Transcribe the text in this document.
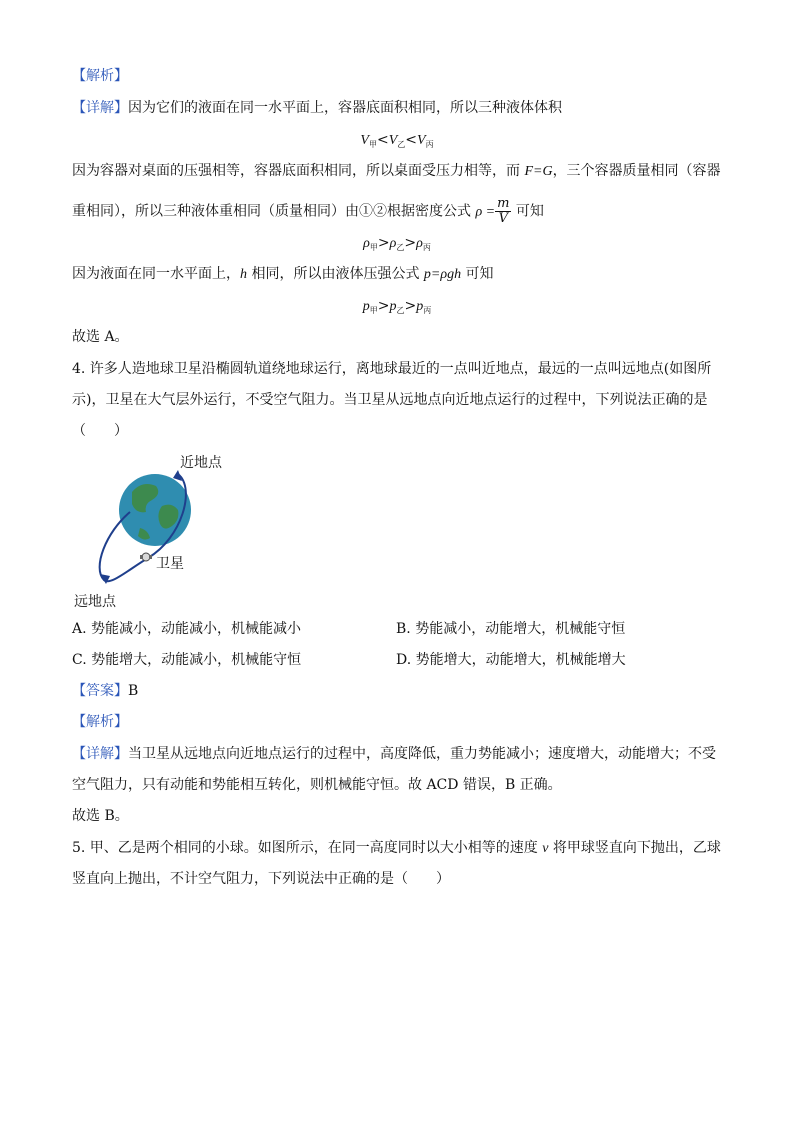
【解析】
【详解】因为它们的液面在同一水平面上，容器底面积相同，所以三种液体体积
$V_甲<V_乙<V_丙$
因为容器对桌面的压强相等，容器底面积相同，所以桌面受压力相等，而 F=G，三个容器质量相同（容器
重相同），所以三种液体重相同（质量相同）由①②根据密度公式 $\rho = \frac{m}{V}$ 可知
$\rho_甲>\rho_乙>\rho_丙$
因为液面在同一水平面上，h 相同，所以由液体压强公式 p=ρgh 可知
$p_甲>p_乙>p_丙$
故选 A。
4. 许多人造地球卫星沿椭圆轨道绕地球运行，离地球最近的一点叫近地点，最远的一点叫远地点(如图所
示)，卫星在大气层外运行，不受空气阻力。当卫星从远地点向近地点运行的过程中，下列说法正确的是
（　　）
近地点
卫星
远地点
A. 势能减小，动能减小，机械能减小	B. 势能减小，动能增大，机械能守恒
C. 势能增大，动能减小，机械能守恒	D. 势能增大，动能增大，机械能增大
【答案】B
【解析】
【详解】当卫星从远地点向近地点运行的过程中，高度降低，重力势能减小；速度增大，动能增大；不受
空气阻力，只有动能和势能相互转化，则机械能守恒。故 ACD 错误，B 正确。
故选 B。
5. 甲、乙是两个相同的小球。如图所示，在同一高度同时以大小相等的速度 v 将甲球竖直向下抛出，乙球
竖直向上抛出，不计空气阻力，下列说法中正确的是（　　）
